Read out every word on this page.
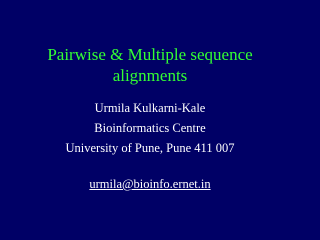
Pairwise & Multiple sequence
alignments
Urmila Kulkarni-Kale
Bioinformatics Centre
University of Pune, Pune 411 007
urmila@bioinfo.ernet.in
